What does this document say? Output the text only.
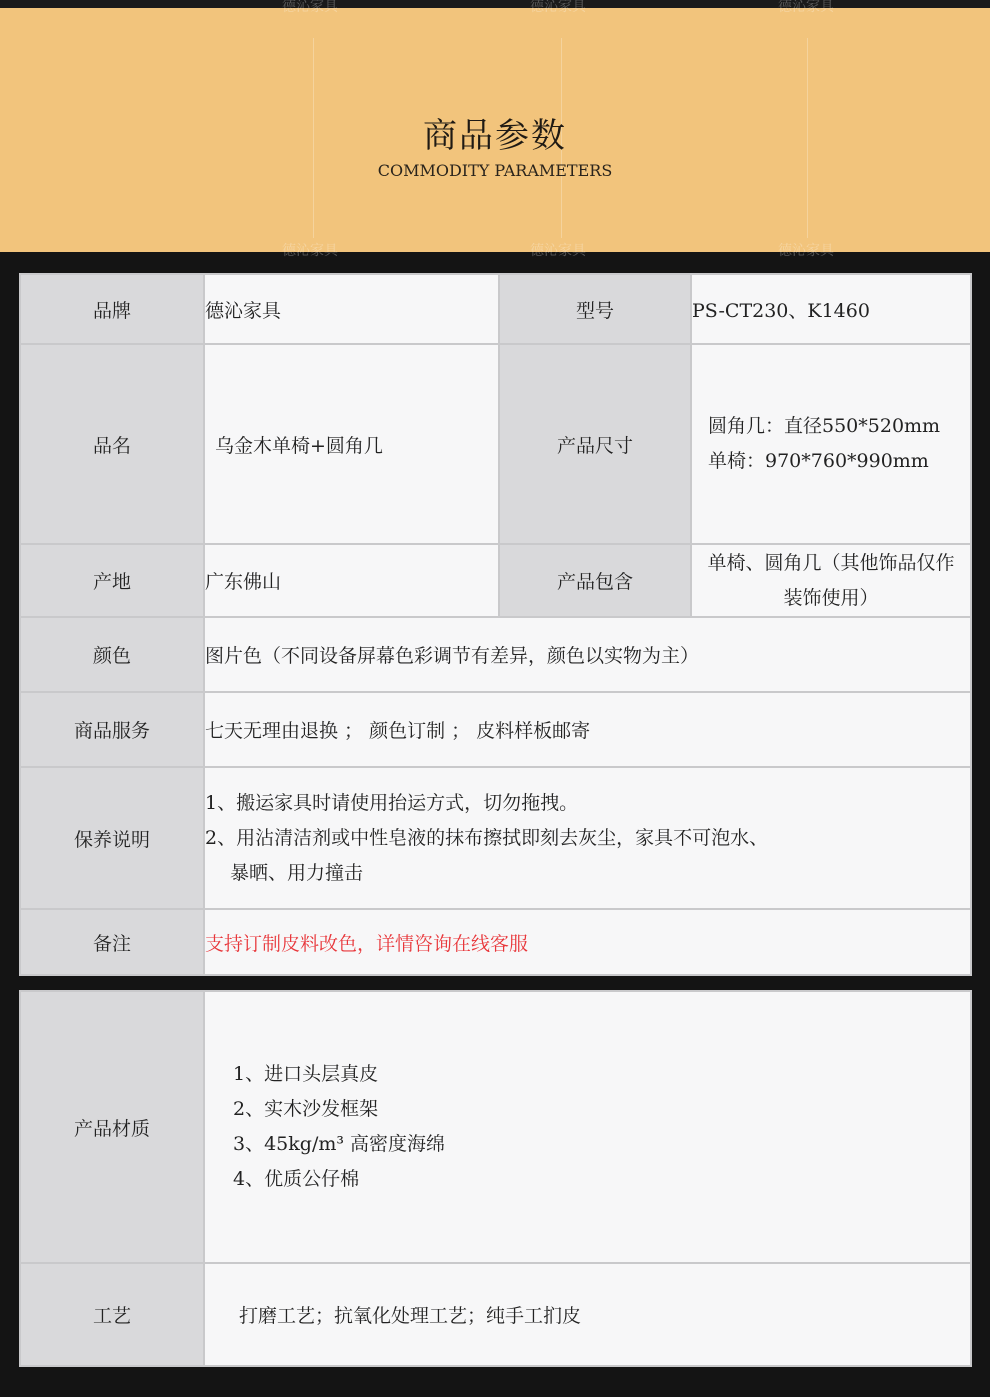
德沁家具	德沁家具	德沁家具
商品参数
COMMODITY PARAMETERS
德沁家具	德沁家具	德沁家具
品牌	德沁家具	型号	PS-CT230、K1460
品名	乌金木单椅+圆角几	产品尺寸	圆角几：直径550*520mm
单椅：970*760*990mm

产地	广东佛山	产品包含	单椅、圆角几（其他饰品仅作
装饰使用）

颜色	图片色（不同设备屏幕色彩调节有差异，颜色以实物为主）		
商品服务	七天无理由退换 ； 颜色订制 ； 皮料样板邮寄		
保养说明	1、搬运家具时请使用抬运方式，切勿拖拽。
2、用沾清洁剂或中性皂液的抹布擦拭即刻去灰尘，家具不可泡水、
　 暴晒、用力撞击		

备注	支持订制皮料改色，详情咨询在线客服		
产品材质	1、进口头层真皮
2、实木沙发框架
3、45kg/m³ 高密度海绵
4、优质公仔棉

工艺	打磨工艺；抗氧化处理工艺；纯手工扪皮
